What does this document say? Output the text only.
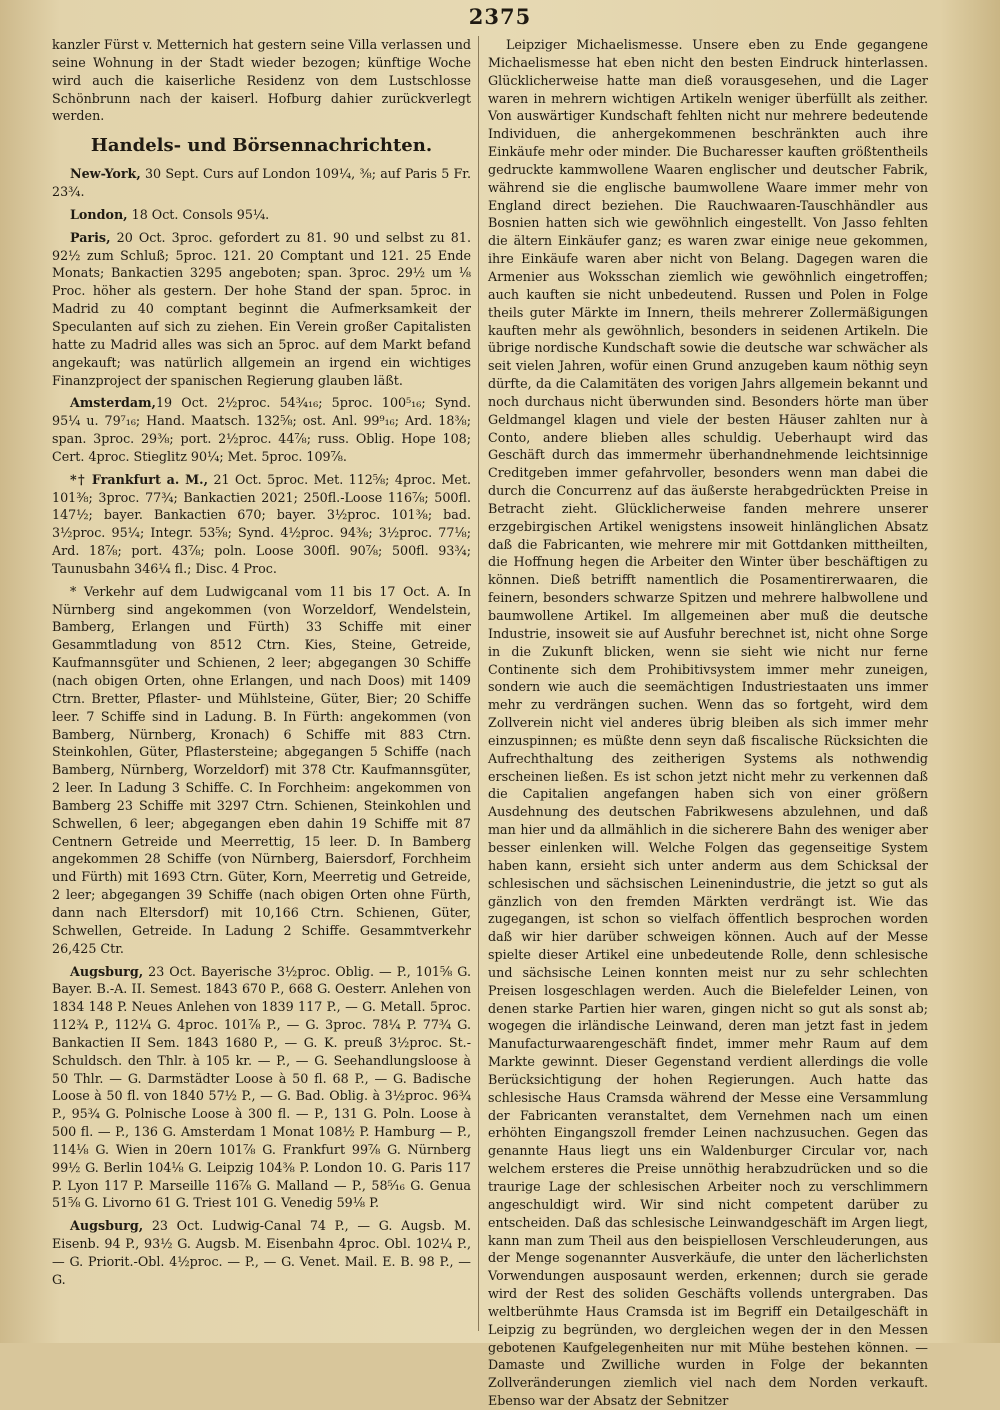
2375

kanzler Fürst v. Metternich hat gestern seine Villa verlassen und seine Wohnung in der Stadt wieder bezogen; künftige Woche wird auch die kaiserliche Residenz von dem Lustschlosse Schönbrunn nach der kaiserl. Hofburg dahier zurückverlegt werden.

Handels- und Börsennachrichten.

New-York, 30 Sept. Curs auf London 109¼, ⅜; auf Paris 5 Fr. 23¾.

London, 18 Oct. Consols 95¼.

Paris, 20 Oct. 3proc. gefordert zu 81. 90 und selbst zu 81. 92½ zum Schluß; 5proc. 121. 20 Comptant und 121. 25 Ende Monats; Bankactien 3295 angeboten; span. 3proc. 29½ um ⅛ Proc. höher als gestern. Der hohe Stand der span. 5proc. in Madrid zu 40 comptant beginnt die Aufmerksamkeit der Speculanten auf sich zu ziehen. Ein Verein großer Capitalisten hatte zu Madrid alles was sich an 5proc. auf dem Markt befand angekauft; was natürlich allgemein an irgend ein wichtiges Finanzproject der spanischen Regierung glauben läßt.

Amsterdam,19 Oct. 2½proc. 54¾₁₆; 5proc. 100⁵₁₆; Synd. 95¼ u. 79⁷₁₆; Hand. Maatsch. 132⅝; ost. Anl. 99⁹₁₆; Ard. 18⅜; span. 3proc. 29⅜; port. 2½proc. 44⅞; russ. Oblig. Hope 108; Cert. 4proc. Stieglitz 90¼; Met. 5proc. 109⅞.

*† Frankfurt a. M., 21 Oct. 5proc. Met. 112⅝; 4proc. Met. 101³⁄₈; 3proc. 77¾; Bankactien 2021; 250fl.-Loose 116⅞; 500fl. 147½; bayer. Bankactien 670; bayer. 3½proc. 101⅜; bad. 3½proc. 95¼; Integr. 53⅝; Synd. 4½proc. 94⅜; 3½proc. 77⅛; Ard. 18⅞; port. 43⅞; poln. Loose 300fl. 90⅞; 500fl. 93¾; Taunusbahn 346¼ fl.; Disc. 4 Proc.

* Verkehr auf dem Ludwigcanal vom 11 bis 17 Oct. A. In Nürnberg sind angekommen (von Worzeldorf, Wendelstein, Bamberg, Erlangen und Fürth) 33 Schiffe mit einer Gesammtladung von 8512 Ctrn. Kies, Steine, Getreide, Kaufmannsgüter und Schienen, 2 leer; abgegangen 30 Schiffe (nach obigen Orten, ohne Erlangen, und nach Doos) mit 1409 Ctrn. Bretter, Pflaster- und Mühlsteine, Güter, Bier; 20 Schiffe leer. 7 Schiffe sind in Ladung. B. In Fürth: angekommen (von Bamberg, Nürnberg, Kronach) 6 Schiffe mit 883 Ctrn. Steinkohlen, Güter, Pflastersteine; abgegangen 5 Schiffe (nach Bamberg, Nürnberg, Worzeldorf) mit 378 Ctr. Kaufmannsgüter, 2 leer. In Ladung 3 Schiffe. C. In Forchheim: angekommen von Bamberg 23 Schiffe mit 3297 Ctrn. Schienen, Steinkohlen und Schwellen, 6 leer; abgegangen eben dahin 19 Schiffe mit 87 Centnern Getreide und Meerrettig, 15 leer. D. In Bamberg angekommen 28 Schiffe (von Nürnberg, Baiersdorf, Forchheim und Fürth) mit 1693 Ctrn. Güter, Korn, Meerretig und Getreide, 2 leer; abgegangen 39 Schiffe (nach obigen Orten ohne Fürth, dann nach Eltersdorf) mit 10,166 Ctrn. Schienen, Güter, Schwellen, Getreide. In Ladung 2 Schiffe. Gesammtverkehr 26,425 Ctr.

Augsburg, 23 Oct. Bayerische 3½proc. Oblig. — P., 101⅝ G. Bayer. B.-A. II. Semest. 1843 670 P., 668 G. Oesterr. Anlehen von 1834 148 P. Neues Anlehen von 1839 117 P., — G. Metall. 5proc. 112¾ P., 112¼ G. 4proc. 101⅞ P., — G. 3proc. 78¼ P. 77¾ G. Bankactien II Sem. 1843 1680 P., — G. K. preuß 3½proc. St.-Schuldsch. den Thlr. à 105 kr. — P., — G. Seehandlungsloose à 50 Thlr. — G. Darmstädter Loose à 50 fl. 68 P., — G. Badische Loose à 50 fl. von 1840 57½ P., — G. Bad. Oblig. à 3½proc. 96¾ P., 95¾ G. Polnische Loose à 300 fl. — P., 131 G. Poln. Loose à 500 fl. — P., 136 G. Amsterdam 1 Monat 108½ P. Hamburg — P., 114⅛ G. Wien in 20ern 101⅞ G. Frankfurt 99⅞ G. Nürnberg 99½ G. Berlin 104⅛ G. Leipzig 104⅜ P. London 10. G. Paris 117 P. Lyon 117 P. Marseille 116⅞ G. Malland — P., 58⁵⁄₁₆ G. Genua 51⅝ G. Livorno 61 G. Triest 101 G. Venedig 59⅛ P.

Augsburg, 23 Oct. Ludwig-Canal 74 P., — G. Augsb. M. Eisenb. 94 P., 93½ G. Augsb. M. Eisenbahn 4proc. Obl. 102¼ P., — G. Priorit.-Obl. 4½proc. — P., — G. Venet. Mail. E. B. 98 P., — G.

Leipziger Michaelismesse. Unsere eben zu Ende gegangene Michaelismesse hat eben nicht den besten Eindruck hinterlassen. Glücklicherweise hatte man dieß vorausgesehen, und die Lager waren in mehrern wichtigen Artikeln weniger überfüllt als zeither. Von auswärtiger Kundschaft fehlten nicht nur mehrere bedeutende Individuen, die anhergekommenen beschränkten auch ihre Einkäufe mehr oder minder. Die Bucharesser kauften größtentheils gedruckte kammwollene Waaren englischer und deutscher Fabrik, während sie die englische baumwollene Waare immer mehr von England direct beziehen. Die Rauchwaaren-Tauschhändler aus Bosnien hatten sich wie gewöhnlich eingestellt. Von Jasso fehlten die ältern Einkäufer ganz; es waren zwar einige neue gekommen, ihre Einkäufe waren aber nicht von Belang. Dagegen waren die Armenier aus Woksschan ziemlich wie gewöhnlich eingetroffen; auch kauften sie nicht unbedeutend. Russen und Polen in Folge theils guter Märkte im Innern, theils mehrerer Zollermäßigungen kauften mehr als gewöhnlich, besonders in seidenen Artikeln. Die übrige nordische Kundschaft sowie die deutsche war schwächer als seit vielen Jahren, wofür einen Grund anzugeben kaum nöthig seyn dürfte, da die Calamitäten des vorigen Jahrs allgemein bekannt und noch durchaus nicht überwunden sind. Besonders hörte man über Geldmangel klagen und viele der besten Häuser zahlten nur à Conto, andere blieben alles schuldig. Ueberhaupt wird das Geschäft durch das immermehr überhandnehmende leichtsinnige Creditgeben immer gefahrvoller, besonders wenn man dabei die durch die Concurrenz auf das äußerste herabgedrückten Preise in Betracht zieht. Glücklicherweise fanden mehrere unserer erzgebirgischen Artikel wenigstens insoweit hinlänglichen Absatz daß die Fabricanten, wie mehrere mir mit Gottdanken mittheilten, die Hoffnung hegen die Arbeiter den Winter über beschäftigen zu können. Dieß betrifft namentlich die Posamentirerwaaren, die feinern, besonders schwarze Spitzen und mehrere halbwollene und baumwollene Artikel. Im allgemeinen aber muß die deutsche Industrie, insoweit sie auf Ausfuhr berechnet ist, nicht ohne Sorge in die Zukunft blicken, wenn sie sieht wie nicht nur ferne Continente sich dem Prohibitivsystem immer mehr zuneigen, sondern wie auch die seemächtigen Industriestaaten uns immer mehr zu verdrängen suchen. Wenn das so fortgeht, wird dem Zollverein nicht viel anderes übrig bleiben als sich immer mehr einzuspinnen; es müßte denn seyn daß fiscalische Rücksichten die Aufrechthaltung des zeitherigen Systems als nothwendig erscheinen ließen. Es ist schon jetzt nicht mehr zu verkennen daß die Capitalien angefangen haben sich von einer größern Ausdehnung des deutschen Fabrikwesens abzulehnen, und daß man hier und da allmählich in die sicherere Bahn des weniger aber besser einlenken will. Welche Folgen das gegenseitige System haben kann, ersieht sich unter anderm aus dem Schicksal der schlesischen und sächsischen Leinenindustrie, die jetzt so gut als gänzlich von den fremden Märkten verdrängt ist. Wie das zugegangen, ist schon so vielfach öffentlich besprochen worden daß wir hier darüber schweigen können. Auch auf der Messe spielte dieser Artikel eine unbedeutende Rolle, denn schlesische und sächsische Leinen konnten meist nur zu sehr schlechten Preisen losgeschlagen werden. Auch die Bielefelder Leinen, von denen starke Partien hier waren, gingen nicht so gut als sonst ab; wogegen die irländische Leinwand, deren man jetzt fast in jedem Manufacturwaarengeschäft findet, immer mehr Raum auf dem Markte gewinnt. Dieser Gegenstand verdient allerdings die volle Berücksichtigung der hohen Regierungen. Auch hatte das schlesische Haus Cramsda während der Messe eine Versammlung der Fabricanten veranstaltet, dem Vernehmen nach um einen erhöhten Eingangszoll fremder Leinen nachzusuchen. Gegen das genannte Haus liegt uns ein Waldenburger Circular vor, nach welchem ersteres die Preise unnöthig herabzudrücken und so die traurige Lage der schlesischen Arbeiter noch zu verschlimmern angeschuldigt wird. Wir sind nicht competent darüber zu entscheiden. Daß das schlesische Leinwandgeschäft im Argen liegt, kann man zum Theil aus den beispiellosen Verschleuderungen, aus der Menge sogenannter Ausverkäufe, die unter den lächerlichsten Vorwendungen ausposaunt werden, erkennen; durch sie gerade wird der Rest des soliden Geschäfts vollends untergraben. Das weltberühmte Haus Cramsda ist im Begriff ein Detailgeschäft in Leipzig zu begründen, wo dergleichen wegen der in den Messen gebotenen Kaufgelegenheiten nur mit Mühe bestehen können. — Damaste und Zwilliche wurden in Folge der bekannten Zollveränderungen ziemlich viel nach dem Norden verkauft. Ebenso war der Absatz der Sebnitzer
